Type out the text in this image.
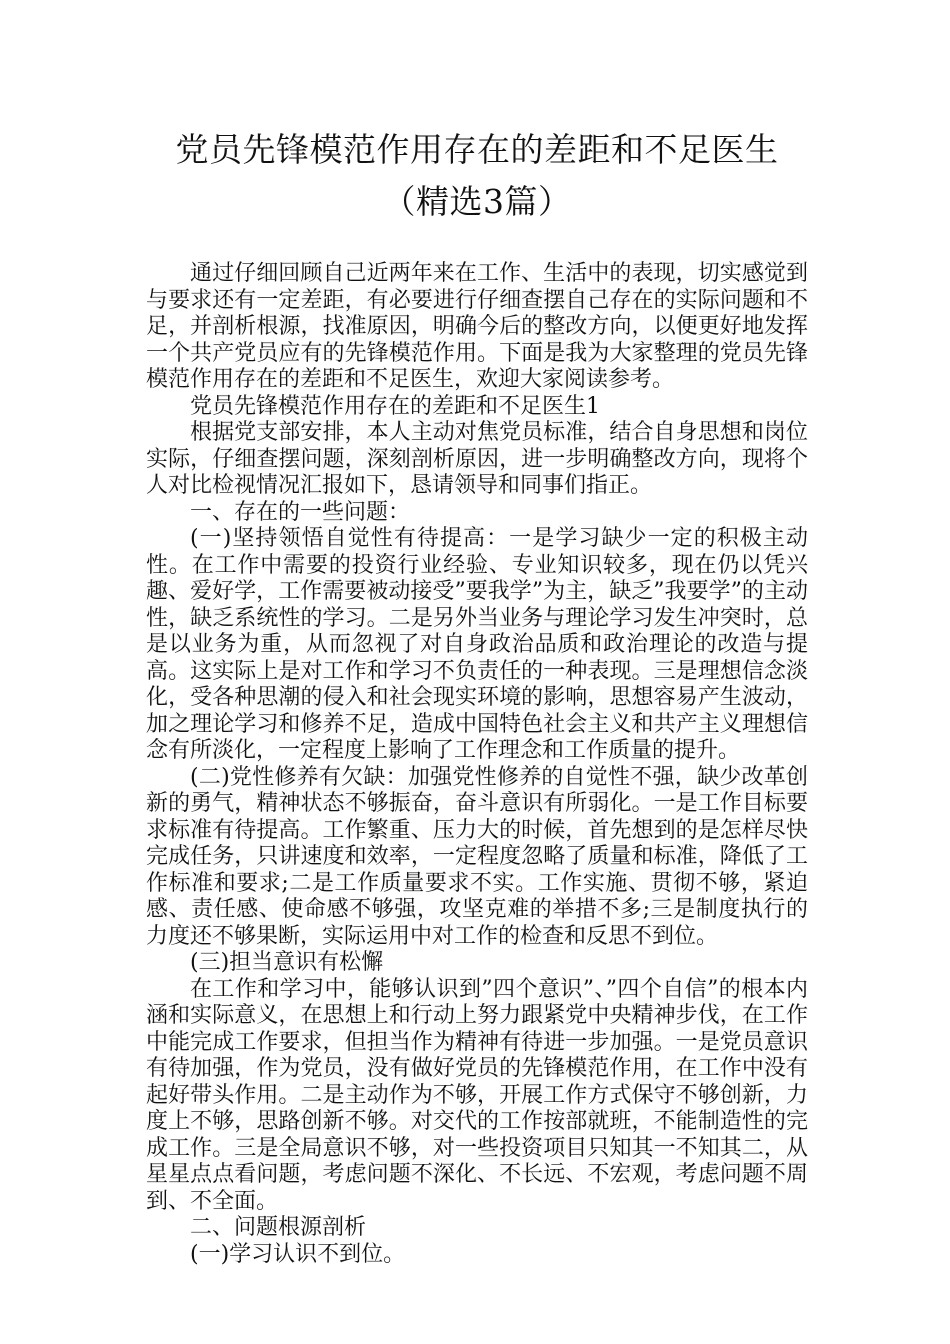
党员先锋模范作用存在的差距和不足医生
（精选3篇）

通过仔细回顾自己近两年来在工作、生活中的表现，切实感觉到与要求还有一定差距，有必要进行仔细查摆自己存在的实际问题和不足，并剖析根源，找准原因，明确今后的整改方向，以便更好地发挥一个共产党员应有的先锋模范作用。下面是我为大家整理的党员先锋模范作用存在的差距和不足医生，欢迎大家阅读参考。

党员先锋模范作用存在的差距和不足医生1

根据党支部安排，本人主动对焦党员标准，结合自身思想和岗位实际，仔细查摆问题，深刻剖析原因，进一步明确整改方向，现将个人对比检视情况汇报如下，恳请领导和同事们指正。

一、存在的一些问题：

(一)坚持领悟自觉性有待提高：一是学习缺少一定的积极主动性。在工作中需要的投资行业经验、专业知识较多，现在仍以凭兴趣、爱好学，工作需要被动接受”要我学”为主，缺乏”我要学”的主动性，缺乏系统性的学习。二是另外当业务与理论学习发生冲突时，总是以业务为重，从而忽视了对自身政治品质和政治理论的改造与提高。这实际上是对工作和学习不负责任的一种表现。三是理想信念淡化，受各种思潮的侵入和社会现实环境的影响，思想容易产生波动，加之理论学习和修养不足，造成中国特色社会主义和共产主义理想信念有所淡化，一定程度上影响了工作理念和工作质量的提升。

(二)党性修养有欠缺：加强党性修养的自觉性不强，缺少改革创新的勇气，精神状态不够振奋，奋斗意识有所弱化。一是工作目标要求标准有待提高。工作繁重、压力大的时候，首先想到的是怎样尽快完成任务，只讲速度和效率，一定程度忽略了质量和标准，降低了工作标准和要求;二是工作质量要求不实。工作实施、贯彻不够，紧迫感、责任感、使命感不够强，攻坚克难的举措不多;三是制度执行的力度还不够果断，实际运用中对工作的检查和反思不到位。

(三)担当意识有松懈

在工作和学习中，能够认识到”四个意识”、”四个自信”的根本内涵和实际意义，在思想上和行动上努力跟紧党中央精神步伐，在工作中能完成工作要求，但担当作为精神有待进一步加强。一是党员意识有待加强，作为党员，没有做好党员的先锋模范作用，在工作中没有起好带头作用。二是主动作为不够，开展工作方式保守不够创新，力度上不够，思路创新不够。对交代的工作按部就班，不能制造性的完成工作。三是全局意识不够，对一些投资项目只知其一不知其二，从星星点点看问题，考虑问题不深化、不长远、不宏观，考虑问题不周到、不全面。

二、问题根源剖析

(一)学习认识不到位。
